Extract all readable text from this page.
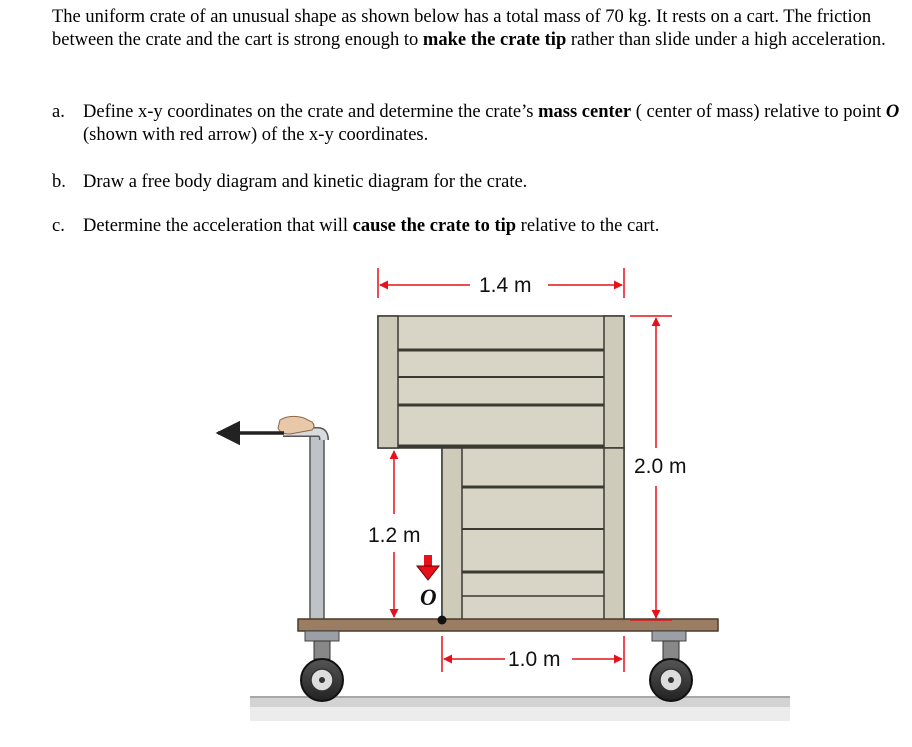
The uniform crate of an unusual shape as shown below has a total mass of 70 kg. It rests on a cart. The friction between the crate and the cart is strong enough to make the crate tip rather than slide under a high acceleration.
a. Define x-y coordinates on the crate and determine the crate’s mass center ( center of mass) relative to point O (shown with red arrow) of the x-y coordinates.
b. Draw a free body diagram and kinetic diagram for the crate.
c. Determine the acceleration that will cause the crate to tip relative to the cart.
O
1.4 m
2.0 m
1.2 m
1.0 m
